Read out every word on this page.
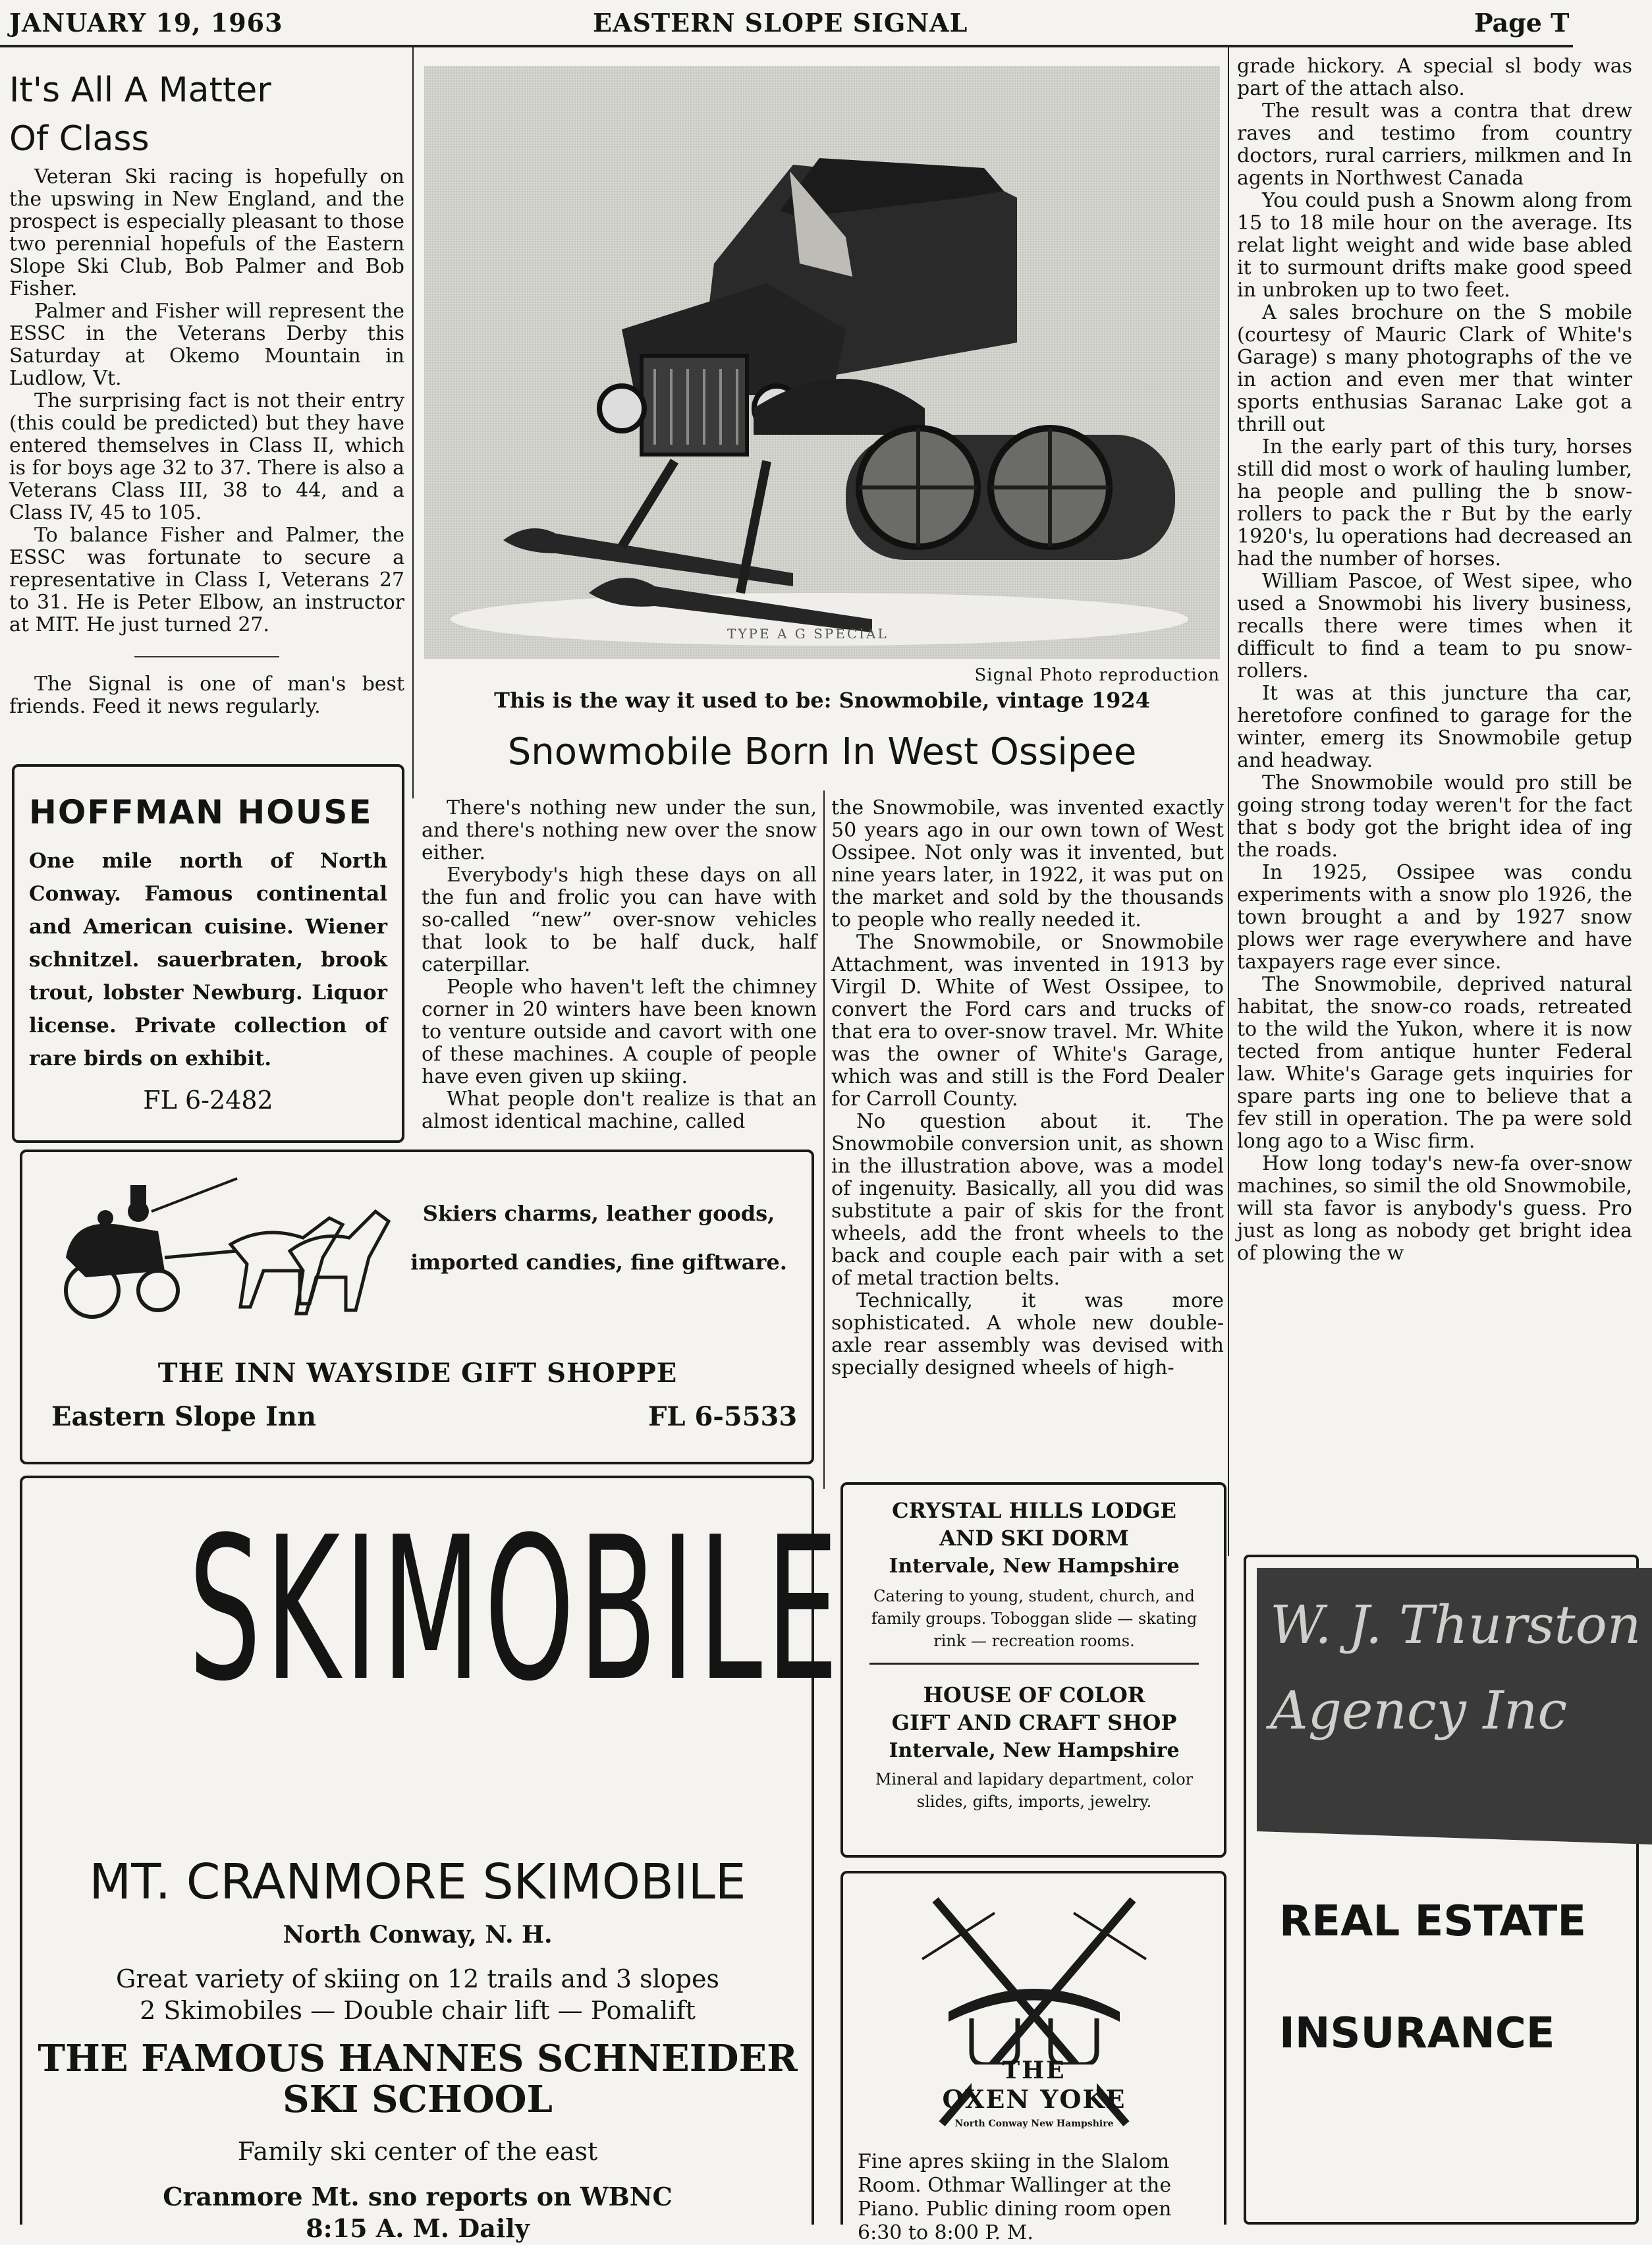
JANUARY 19, 1963	EASTERN SLOPE SIGNAL	Page T
It's All A Matter
Of Class

Veteran Ski racing is hopefully on the upswing in New England, and the prospect is especially pleasant to those two perennial hopefuls of the Eastern Slope Ski Club, Bob Palmer and Bob Fisher.

Palmer and Fisher will represent the ESSC in the Veterans Derby this Saturday at Okemo Mountain in Ludlow, Vt.

The surprising fact is not their entry (this could be predicted) but they have entered themselves in Class II, which is for boys age 32 to 37. There is also a Veterans Class III, 38 to 44, and a Class IV, 45 to 105.

To balance Fisher and Palmer, the ESSC was fortunate to secure a representative in Class I, Veterans 27 to 31. He is Peter Elbow, an instructor at MIT. He just turned 27.

The Signal is one of man's best friends. Feed it news regularly.

HOFFMAN HOUSE
One mile north of North Conway. Famous continental and American cuisine. Wiener schnitzel. sauerbraten, brook trout, lobster Newburg. Liquor license. Private collection of rare birds on exhibit.
FL 6-2482
TYPE A G SPECIAL
Signal Photo reproduction
This is the way it used to be: Snowmobile, vintage 1924
Snowmobile Born In West Ossipee

There's nothing new under the sun, and there's nothing new over the snow either.

Everybody's high these days on all the fun and frolic you can have with so-called “new” over-snow vehicles that look to be half duck, half caterpillar.

People who haven't left the chimney corner in 20 winters have been known to venture outside and cavort with one of these machines. A couple of people have even given up skiing.

What people don't realize is that an almost identical machine, called

the Snowmobile, was invented exactly 50 years ago in our own town of West Ossipee. Not only was it invented, but nine years later, in 1922, it was put on the market and sold by the thousands to people who really needed it.

The Snowmobile, or Snowmobile Attachment, was invented in 1913 by Virgil D. White of West Ossipee, to convert the Ford cars and trucks of that era to over-snow travel. Mr. White was the owner of White's Garage, which was and still is the Ford Dealer for Carroll County.

No question about it. The Snowmobile conversion unit, as shown in the illustration above, was a model of ingenuity. Basically, all you did was substitute a pair of skis for the front wheels, add the front wheels to the back and couple each pair with a set of metal traction belts.

Technically, it was more sophisticated. A whole new double-axle rear assembly was devised with specially designed wheels of high-

grade hickory. A special sl body was part of the attach also.

The result was a contra that drew raves and testimo from country doctors, rural carriers, milkmen and In agents in Northwest Canada

You could push a Snowm along from 15 to 18 mile hour on the average. Its relat light weight and wide base abled it to surmount drifts make good speed in unbroken up to two feet.

A sales brochure on the S mobile (courtesy of Mauric Clark of White's Garage) s many photographs of the ve in action and even mer that winter sports enthusias Saranac Lake got a thrill out

In the early part of this tury, horses still did most o work of hauling lumber, ha people and pulling the b snow-rollers to pack the r But by the early 1920's, lu operations had decreased an had the number of horses.

William Pascoe, of West sipee, who used a Snowmobi his livery business, recalls there were times when it difficult to find a team to pu snow-rollers.

It was at this juncture tha car, heretofore confined to garage for the winter, emerg its Snowmobile getup and headway.

The Snowmobile would pro still be going strong today weren't for the fact that s body got the bright idea of ing the roads.

In 1925, Ossipee was condu experiments with a snow plo 1926, the town brought a and by 1927 snow plows wer rage everywhere and have taxpayers rage ever since.

The Snowmobile, deprived natural habitat, the snow-co roads, retreated to the wild the Yukon, where it is now tected from antique hunter Federal law. White's Garage gets inquiries for spare parts ing one to believe that a fev still in operation. The pa were sold long ago to a Wisc firm.

How long today's new-fa over-snow machines, so simil the old Snowmobile, will sta favor is anybody's guess. Pro just as long as nobody get bright idea of plowing the w

Skiers charms, leather goods,
imported candies, fine giftware.
THE INN WAYSIDE GIFT SHOPPE
Eastern Slope Inn	FL 6-5533
SKIMOBILE
MT. CRANMORE SKIMOBILE
North Conway, N. H.
Great variety of skiing on 12 trails and 3 slopes
2 Skimobiles — Double chair lift — Pomalift
THE FAMOUS HANNES SCHNEIDER
SKI SCHOOL
Family ski center of the east
Cranmore Mt. sno reports on WBNC
8:15 A. M. Daily
CRYSTAL HILLS LODGE
AND SKI DORM
Intervale, New Hampshire
Catering to young, student, church, and family groups. Toboggan slide — skating rink — recreation rooms.
HOUSE OF COLOR
GIFT AND CRAFT SHOP
Intervale, New Hampshire
Mineral and lapidary department, color slides, gifts, imports, jewelry.
THE
OXEN YOKE
North Conway New Hampshire
Fine apres skiing in the Slalom Room. Othmar Wallinger at the Piano. Public dining room open 6:30 to 8:00 P. M.
W. J. Thurston
Agency Inc
REAL ESTATE
INSURANCE
